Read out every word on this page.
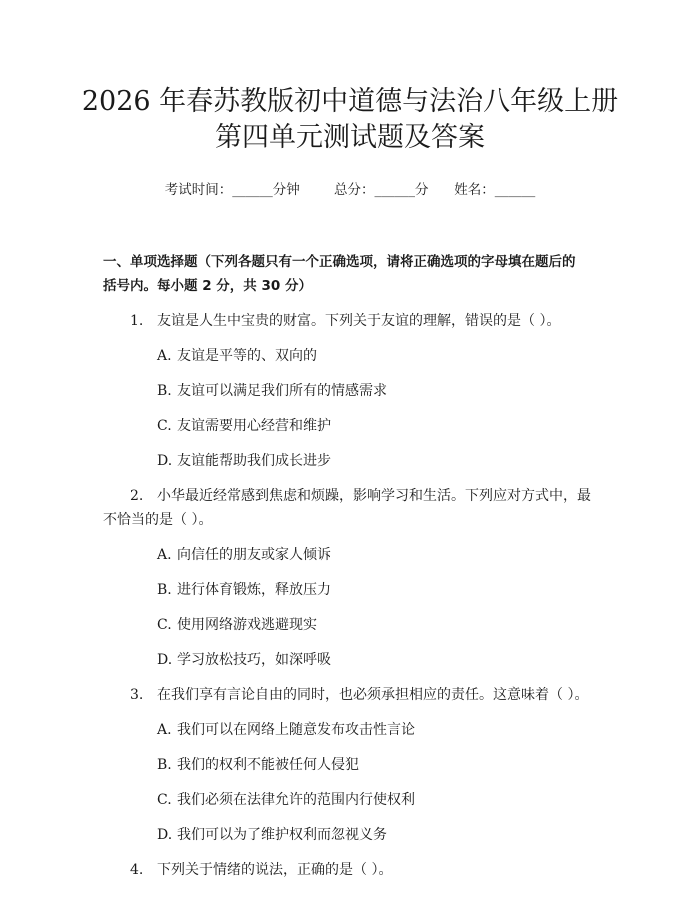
2026 年春苏教版初中道德与法治八年级上册
第四单元测试题及答案
考试时间：______分钟	总分：______分 姓名：______
一、单项选择题（下列各题只有一个正确选项，请将正确选项的字母填在题后的
括号内。每小题 2 分，共 30 分）
1. 友谊是人生中宝贵的财富。下列关于友谊的理解，错误的是（ ）。
A. 友谊是平等的、双向的
B. 友谊可以满足我们所有的情感需求
C. 友谊需要用心经营和维护
D. 友谊能帮助我们成长进步
2. 小华最近经常感到焦虑和烦躁，影响学习和生活。下列应对方式中，最不恰当的是（ ）。
A. 向信任的朋友或家人倾诉
B. 进行体育锻炼，释放压力
C. 使用网络游戏逃避现实
D. 学习放松技巧，如深呼吸
3. 在我们享有言论自由的同时，也必须承担相应的责任。这意味着（ ）。
A. 我们可以在网络上随意发布攻击性言论
B. 我们的权利不能被任何人侵犯
C. 我们必须在法律允许的范围内行使权利
D. 我们可以为了维护权利而忽视义务
4. 下列关于情绪的说法，正确的是（ ）。
